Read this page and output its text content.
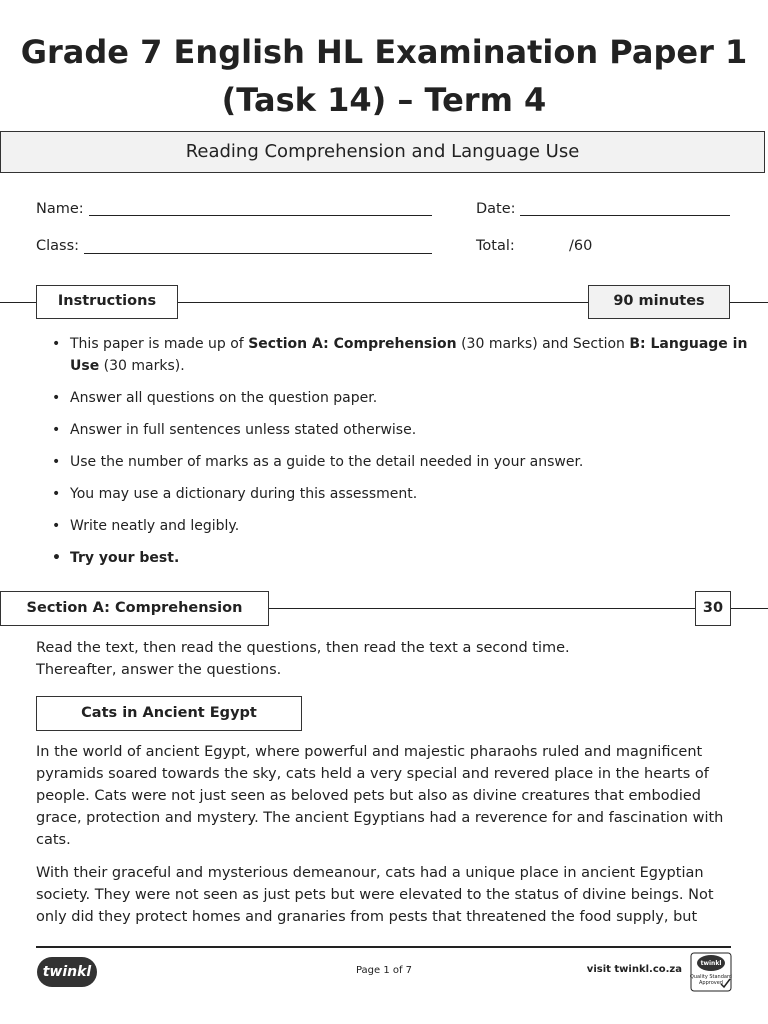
Grade 7 English HL Examination Paper 1
(Task 14) – Term 4
Reading Comprehension and Language Use
Name:	Date:
Class:	Total:	/60
Instructions	90 minutes
• This paper is made up of Section A: Comprehension (30 marks) and Section B: Language in Use (30 marks).
• Answer all questions on the question paper.
• Answer in full sentences unless stated otherwise.
• Use the number of marks as a guide to the detail needed in your answer.
• You may use a dictionary during this assessment.
• Write neatly and legibly.
• Try your best.
Section A: Comprehension	30
Read the text, then read the questions, then read the text a second time.
Thereafter, answer the questions.
Cats in Ancient Egypt

In the world of ancient Egypt, where powerful and majestic pharaohs ruled and magnificent pyramids soared towards the sky, cats held a very special and revered place in the hearts of people. Cats were not just seen as beloved pets but also as divine creatures that embodied grace, protection and mystery. The ancient Egyptians had a reverence for and fascination with cats.

With their graceful and mysterious demeanour, cats had a unique place in ancient Egyptian society. They were not seen as just pets but were elevated to the status of divine beings. Not only did they protect homes and granaries from pests that threatened the food supply, but

twinkl	Page 1 of 7	visit twinkl.co.za
twinkl
Quality Standard
Approved
